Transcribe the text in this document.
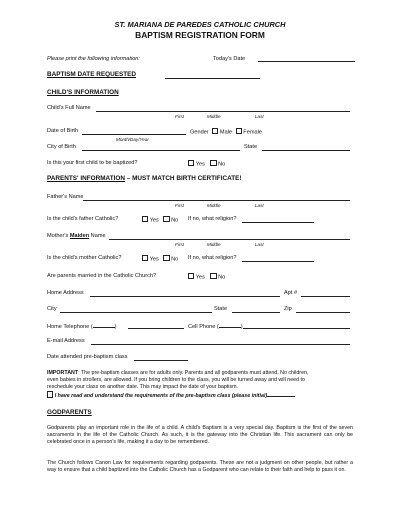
ST. MARIANA DE PAREDES CATHOLIC CHURCH
BAPTISM REGISTRATION FORM
Please print the following information:	Today's Date
BAPTISM DATE REQUESTED
CHILD'S INFORMATION
Child's Full Name
First	Middle	Last
Date of Birth
Month/Day/Year
Gender Male Female
City of Birth	State
Is this your first child to be baptized?	Yes No
PARENTS' INFORMATION – MUST MATCH BIRTH CERTIFICATE!
Father's Name
First	Middle	Last
Is the child's father Catholic?	Yes No If no, what religion?
Mother's Maiden Name
First	Middle	Last
Is the child's mother Catholic?	Yes No If no, what religion?
Are parents married in the Catholic Church?	Yes No
Home Address	Apt #
City	State	Zip
Home Telephone (	)	Cell Phone (	)
E-mail Address
Date attended pre-baptism class
IMPORTANT: The pre-baptism classes are for adults only. Parents and all godparents must attend. No children,
even babies in strollers, are allowed. If you bring children to the class, you will be turned away and will need to
reschedule your class on another date. This may impact the date of your baptism.
I have read and understand the requirements of the pre-baptism class (please initial)
GODPARENTS
Godparents play an important role in the life of a child. A child's Baptism is a very special day. Baptism is the first of the seven sacraments in the life of the Catholic Church. As such, it is the gateway into the Christian life. This sacrament can only be celebrated once in a person's life, making it a day to be remembered.
The Church follows Canon Law for requirements regarding godparents. These are not a judgment on other people, but rather a way to ensure that a child baptized into the Catholic Church has a Godparent who can relate to their faith and help to pass it on.
